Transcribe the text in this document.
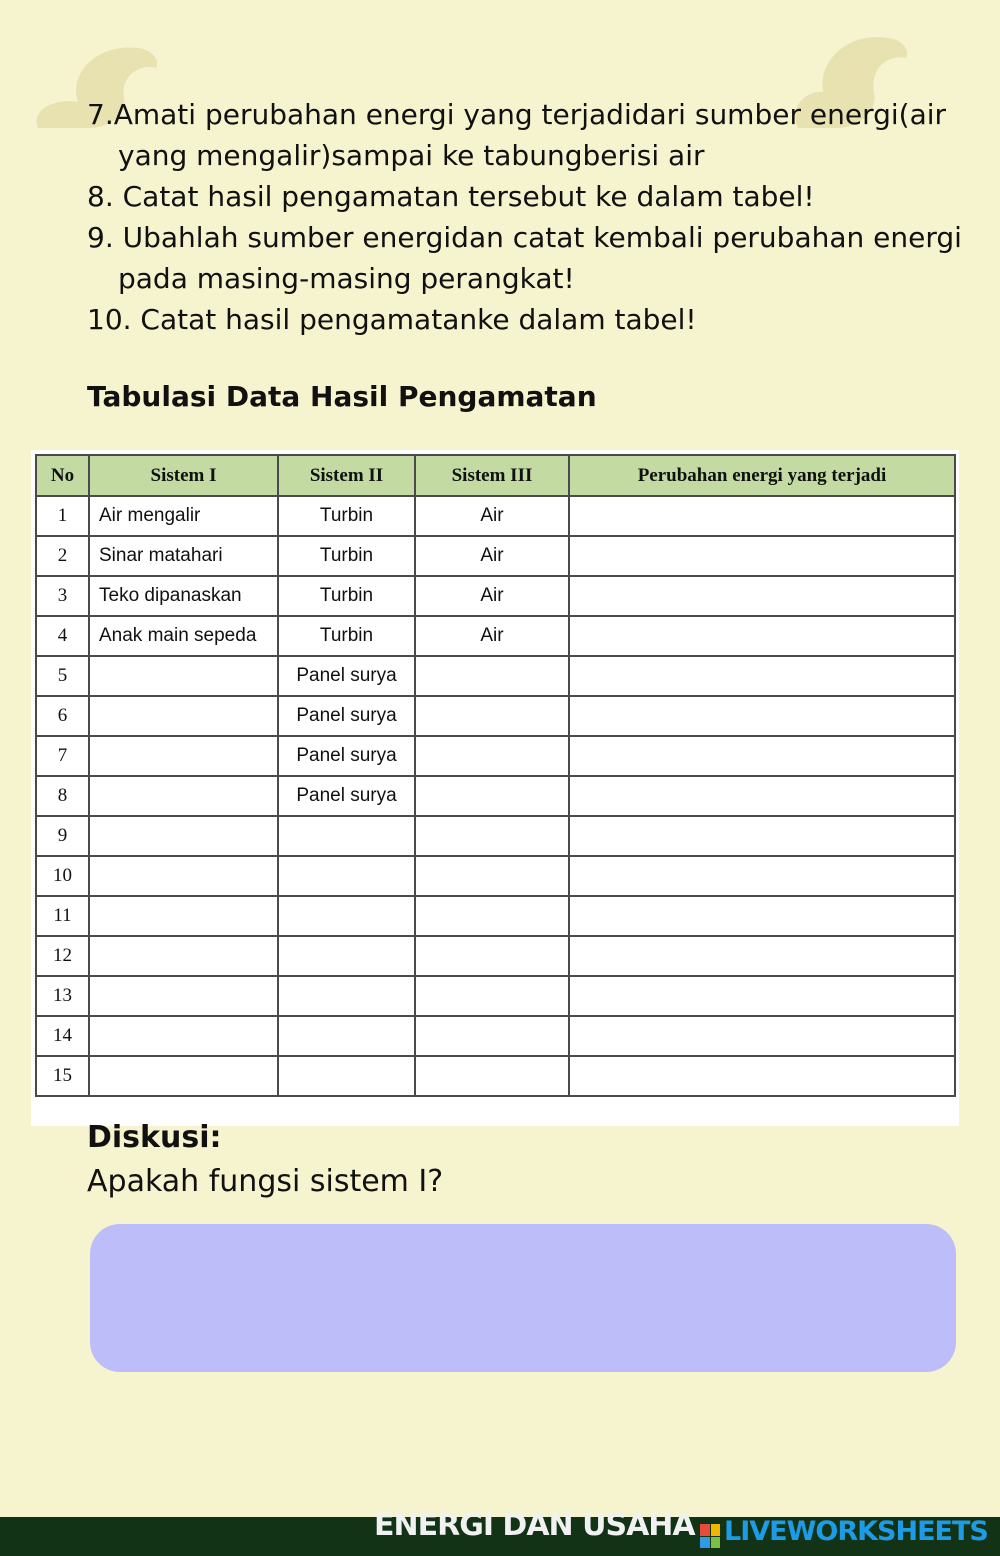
7.Amati perubahan energi yang terjadidari sumber energi(air
yang mengalir)sampai ke tabungberisi air
8. Catat hasil pengamatan tersebut ke dalam tabel!
9. Ubahlah sumber energidan catat kembali perubahan energi
pada masing-masing perangkat!
10. Catat hasil pengamatanke dalam tabel!
Tabulasi Data Hasil Pengamatan
No	Sistem I	Sistem II	Sistem III	Perubahan energi yang terjadi
1	Air mengalir	Turbin	Air	
2	Sinar matahari	Turbin	Air	
3	Teko dipanaskan	Turbin	Air	
4	Anak main sepeda	Turbin	Air	
5		Panel surya		
6		Panel surya		
7		Panel surya		
8		Panel surya		
9				
10				
11				
12				
13				
14				
15				
Diskusi:

Apakah fungsi sistem I?

ENERGI DAN USAHA LIVEWORKSHEETS
